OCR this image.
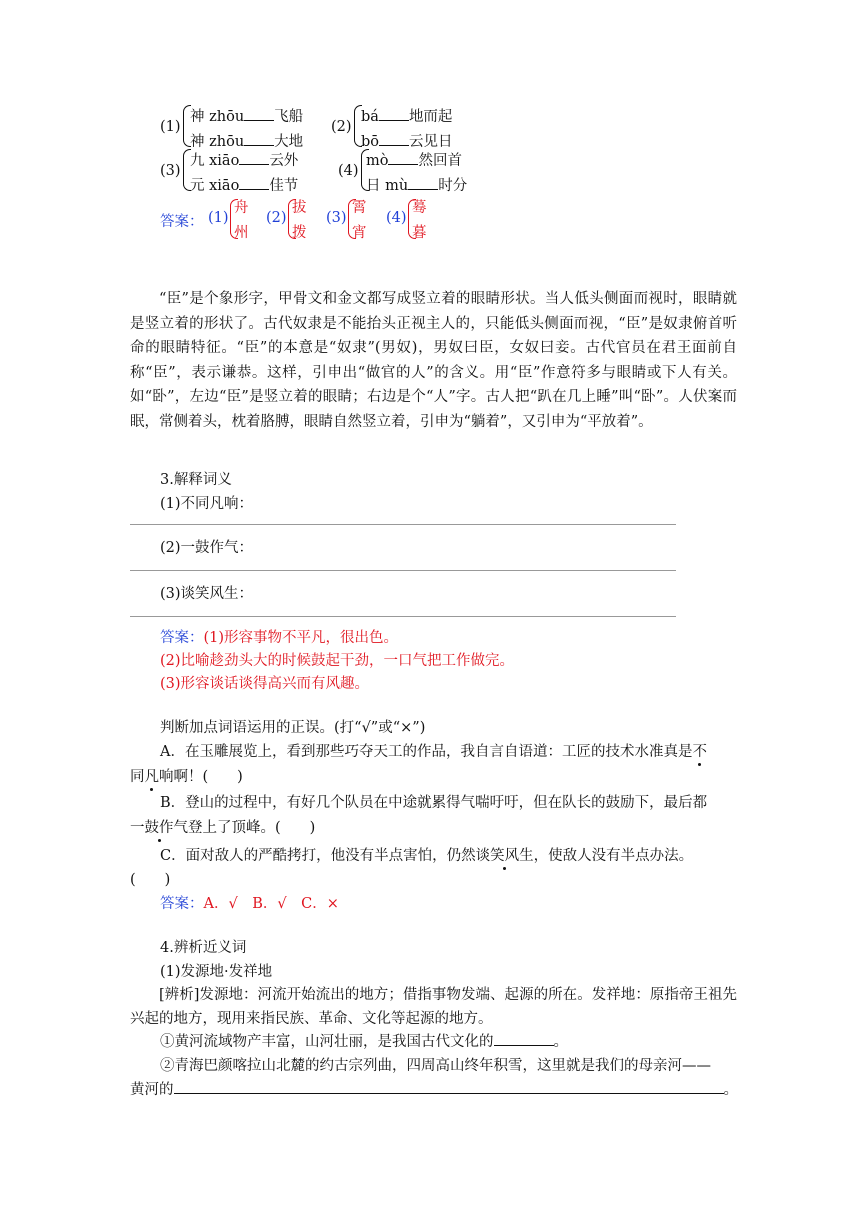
(1)
神 zhōu 飞船
神 zhōu 大地
(2)
bá 地而起
bō 云见日
(3)
九 xiāo 云外
元 xiāo 佳节
(4)
mò 然回首
日 mù 时分
答案： (1)
舟
州
(2)
拔
拨
(3)
霄
宵
(4)
蓦
暮

“臣”是个象形字，甲骨文和金文都写成竖立着的眼睛形状。当人低头侧面而视时，眼睛就是竖立着的形状了。古代奴隶是不能抬头正视主人的，只能低头侧面而视，“臣”是奴隶俯首听命的眼睛特征。“臣”的本意是“奴隶”(男奴)，男奴曰臣，女奴曰妾。古代官员在君王面前自称“臣”，表示谦恭。这样，引申出“做官的人”的含义。用“臣”作意符多与眼睛或下人有关。如“卧”，左边“臣”是竖立着的眼睛；右边是个“人”字。古人把“趴在几上睡”叫“卧”。人伏案而眠，常侧着头，枕着胳膊，眼睛自然竖立着，引申为“躺着”，又引申为“平放着”。

3.解释词义
(1)不同凡响：
(2)一鼓作气：
(3)谈笑风生：
答案：(1)形容事物不平凡，很出色。
(2)比喻趁劲头大的时候鼓起干劲，一口气把工作做完。
(3)形容谈话谈得高兴而有风趣。
判断加点词语运用的正误。(打“√”或“×”)
A．在玉雕展览上，看到那些巧夺天工的作品，我自言自语道：工匠的技术水准真是不
同凡响啊！(　　)
B．登山的过程中，有好几个队员在中途就累得气喘吁吁，但在队长的鼓励下，最后都
一鼓作气登上了顶峰。(　　)
C．面对敌人的严酷拷打，他没有半点害怕，仍然谈笑风生，使敌人没有半点办法。
(　　)
答案：A．√　B．√　C．×
4.辨析近义词
(1)发源地·发祥地

[辨析]发源地：河流开始流出的地方；借指事物发端、起源的所在。发祥地：原指帝王祖先兴起的地方，现用来指民族、革命、文化等起源的地方。

①黄河流域物产丰富，山河壮丽，是我国古代文化的	。
②青海巴颜喀拉山北麓的约古宗列曲，四周高山终年积雪，这里就是我们的母亲河——
黄河的	。
